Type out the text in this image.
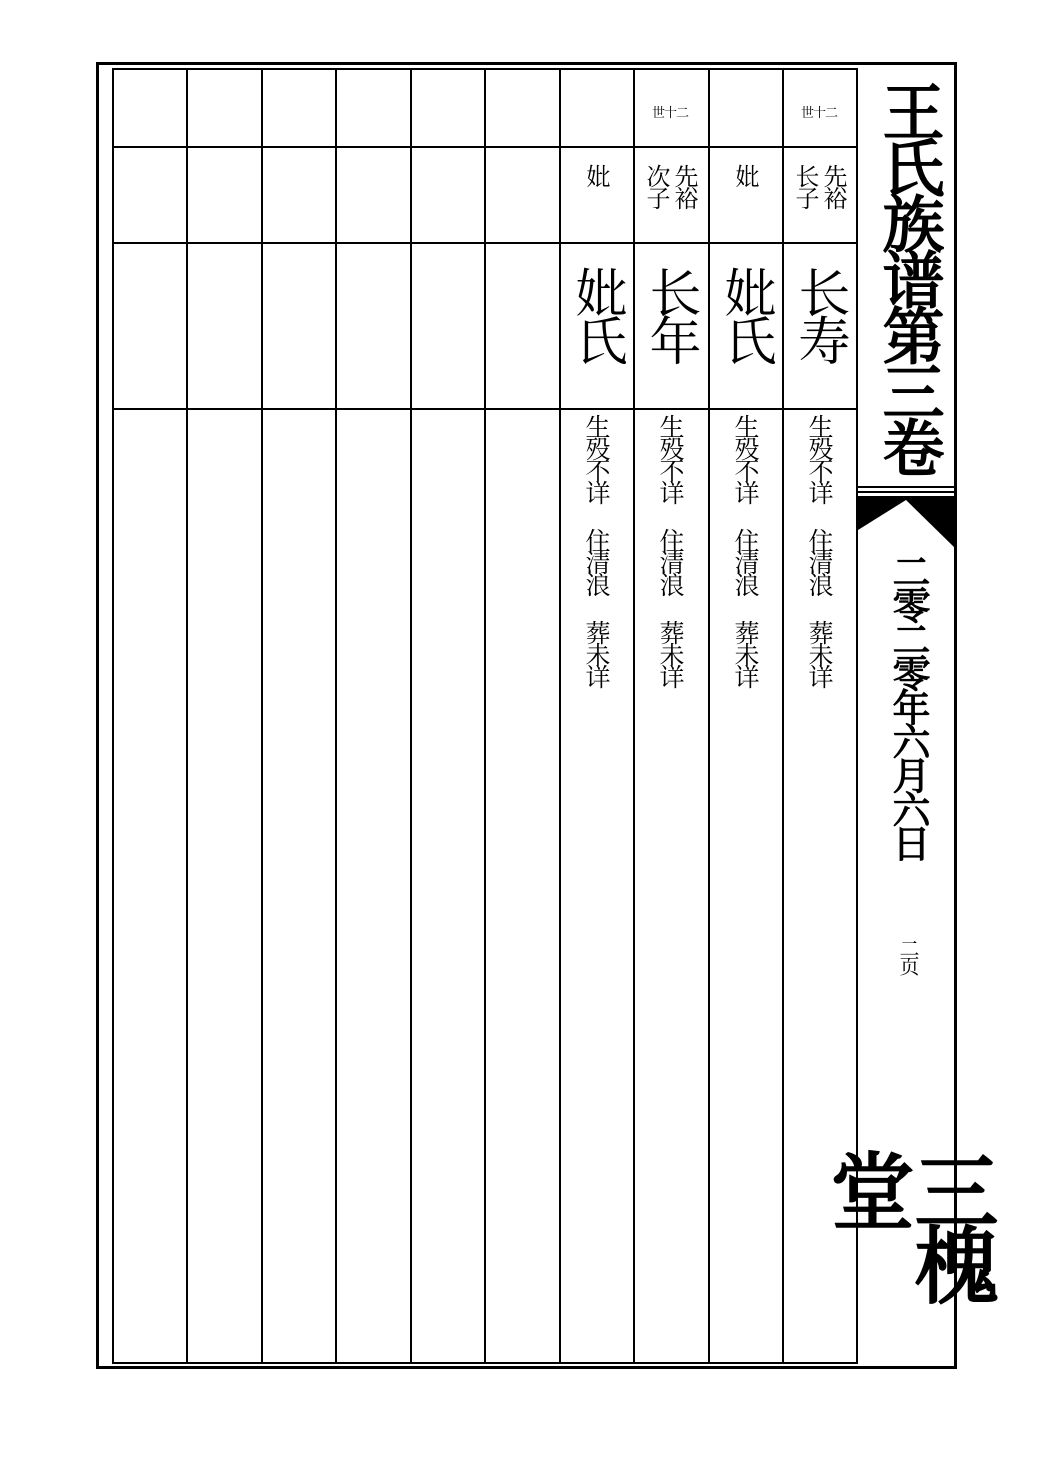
世十二
先裕
长子
长寿
生殁不详住清浪葬未详
妣
妣氏
生殁不详住清浪葬未详
世十二
先裕
次子
长年
生殁不详住清浪葬未详
妣
妣氏
生殁不详住清浪葬未详
王氏族谱第三卷
二零二零年六月六日
二页
三槐堂
